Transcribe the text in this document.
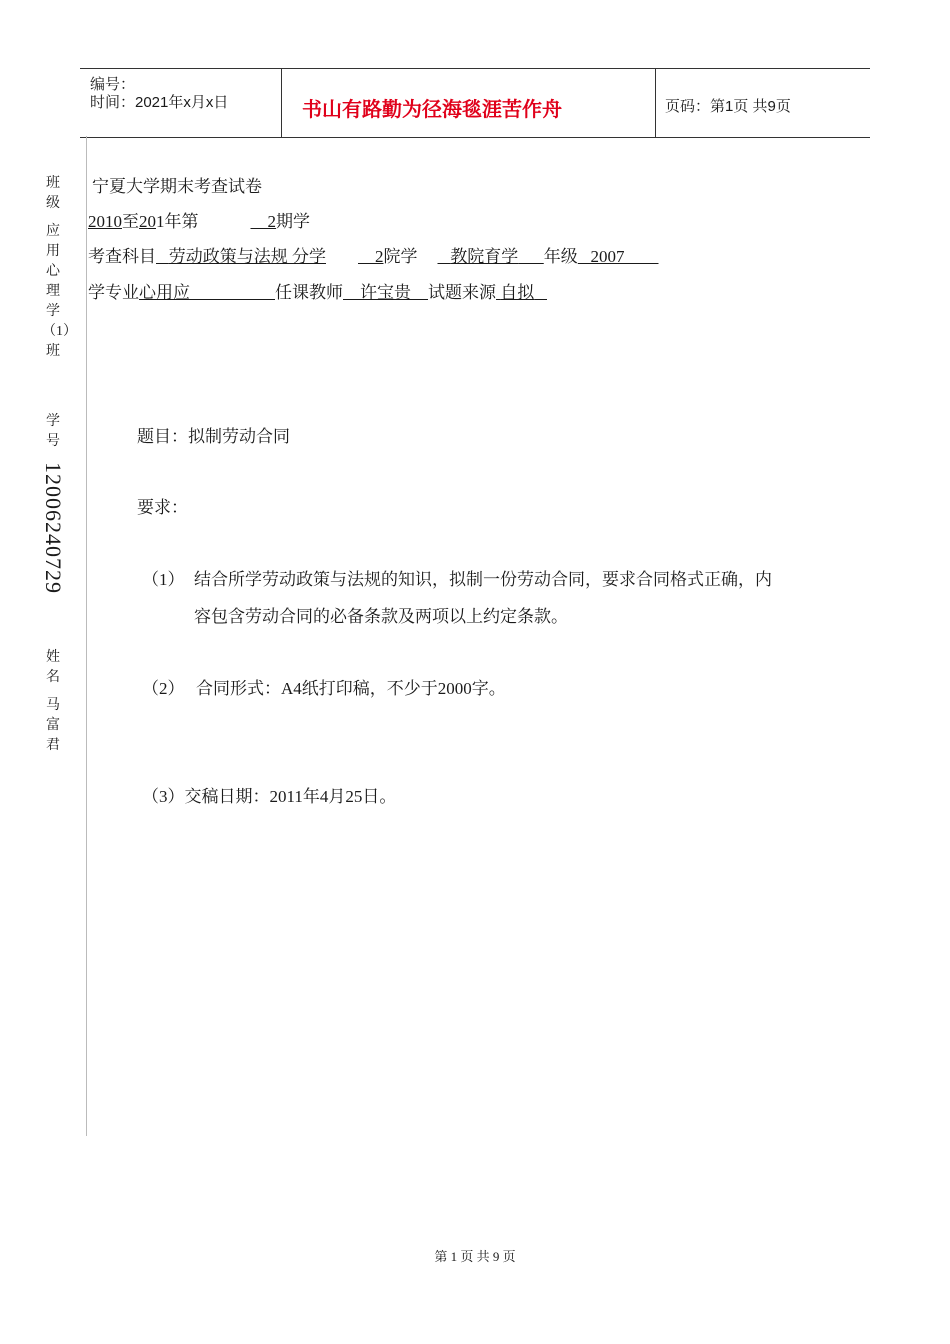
编号：
时间：2021年x月x日	书山有路勤为径海毯涯苦作舟	页码：第1页 共9页
班级
应用心理学（1）班
学号
12006240729
姓名
马富君
宁夏大学期末考查试卷
2010至201年第	2期学
考查科目 劳动政策与法规 分学	2院学 教院育学 年级 2007
学专业心用应	任课教师 许宝贵 试题来源 自拟
题目：拟制劳动合同
要求：
（1） 结合所学劳动政策与法规的知识，拟制一份劳动合同，要求合同格式正确，内
容包含劳动合同的必备条款及两项以上约定条款。
（2） 合同形式：A4纸打印稿，不少于2000字。
（3）交稿日期：2011年4月25日。
第 1 页 共 9 页
